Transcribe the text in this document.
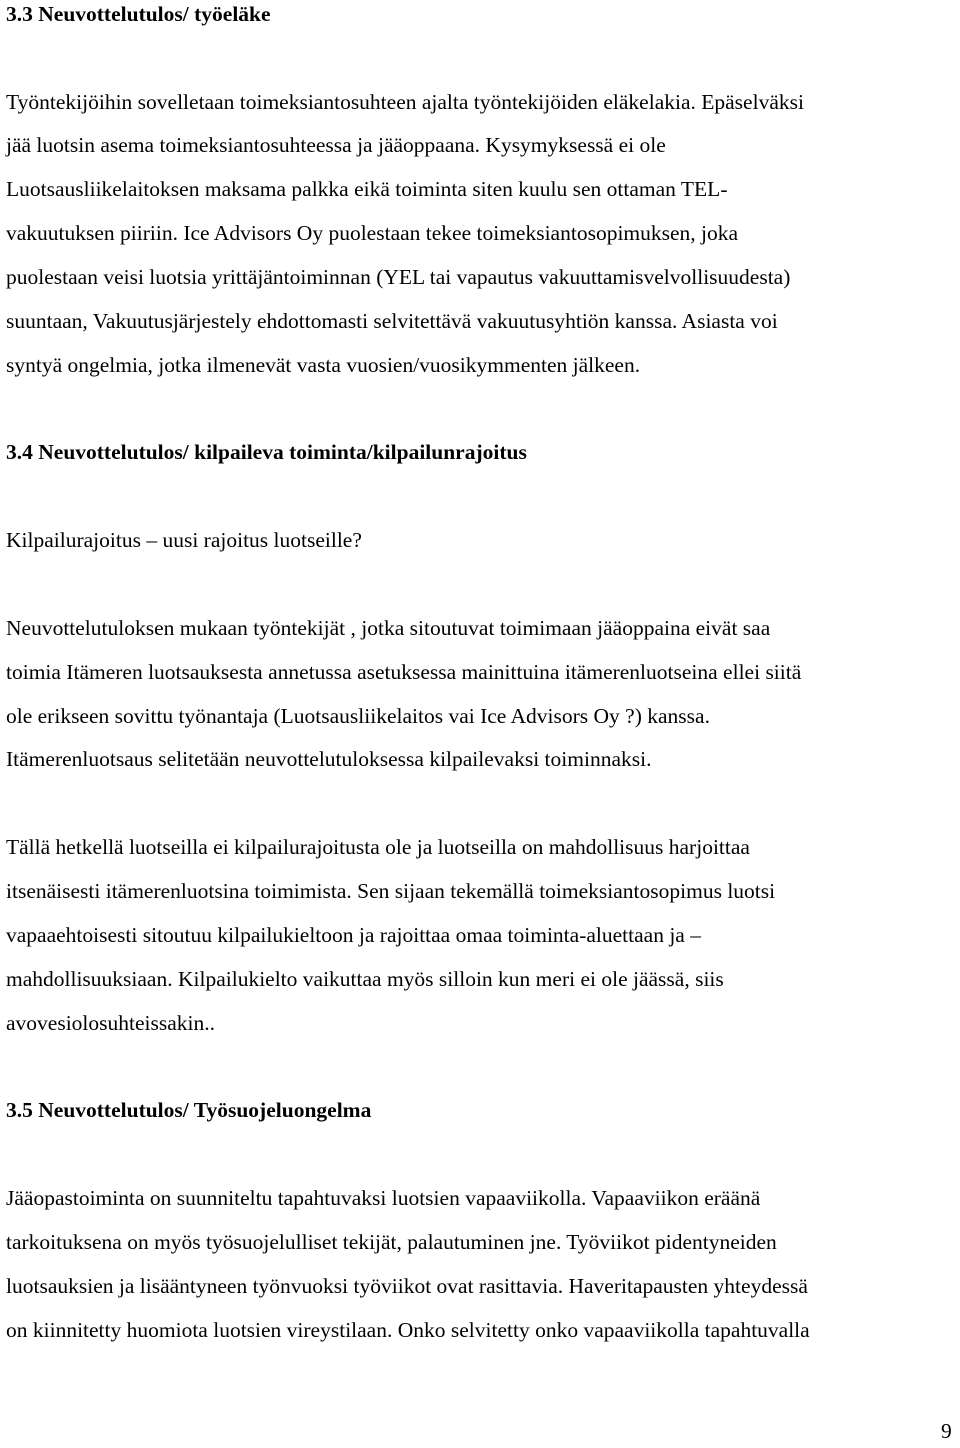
3.3 Neuvottelutulos/ työeläke
Työntekijöihin sovelletaan toimeksiantosuhteen ajalta työntekijöiden eläkelakia. Epäselväksi
jää luotsin asema toimeksiantosuhteessa ja jääoppaana. Kysymyksessä ei ole
Luotsausliikelaitoksen maksama palkka eikä toiminta siten kuulu sen ottaman TEL-
vakuutuksen piiriin. Ice Advisors Oy puolestaan tekee toimeksiantosopimuksen, joka
puolestaan veisi luotsia yrittäjäntoiminnan (YEL tai vapautus vakuuttamisvelvollisuudesta)
suuntaan, Vakuutusjärjestely ehdottomasti selvitettävä vakuutusyhtiön kanssa. Asiasta voi
syntyä ongelmia, jotka ilmenevät vasta vuosien/vuosikymmenten jälkeen.
3.4 Neuvottelutulos/ kilpaileva toiminta/kilpailunrajoitus
Kilpailurajoitus – uusi rajoitus luotseille?
Neuvottelutuloksen mukaan työntekijät , jotka sitoutuvat toimimaan jääoppaina eivät saa
toimia Itämeren luotsauksesta annetussa asetuksessa mainittuina itämerenluotseina ellei siitä
ole erikseen sovittu työnantaja (Luotsausliikelaitos vai Ice Advisors Oy ?) kanssa.
Itämerenluotsaus selitetään neuvottelutuloksessa kilpailevaksi toiminnaksi.
Tällä hetkellä luotseilla ei kilpailurajoitusta ole ja luotseilla on mahdollisuus harjoittaa
itsenäisesti itämerenluotsina toimimista. Sen sijaan tekemällä toimeksiantosopimus luotsi
vapaaehtoisesti sitoutuu kilpailukieltoon ja rajoittaa omaa toiminta-aluettaan ja –
mahdollisuuksiaan. Kilpailukielto vaikuttaa myös silloin kun meri ei ole jäässä, siis
avovesiolosuhteissakin..
3.5 Neuvottelutulos/ Työsuojeluongelma
Jääopastoiminta on suunniteltu tapahtuvaksi luotsien vapaaviikolla. Vapaaviikon eräänä
tarkoituksena on myös työsuojelulliset tekijät, palautuminen jne. Työviikot pidentyneiden
luotsauksien ja lisääntyneen työnvuoksi työviikot ovat rasittavia. Haveritapausten yhteydessä
on kiinnitetty huomiota luotsien vireystilaan. Onko selvitetty onko vapaaviikolla tapahtuvalla
9
